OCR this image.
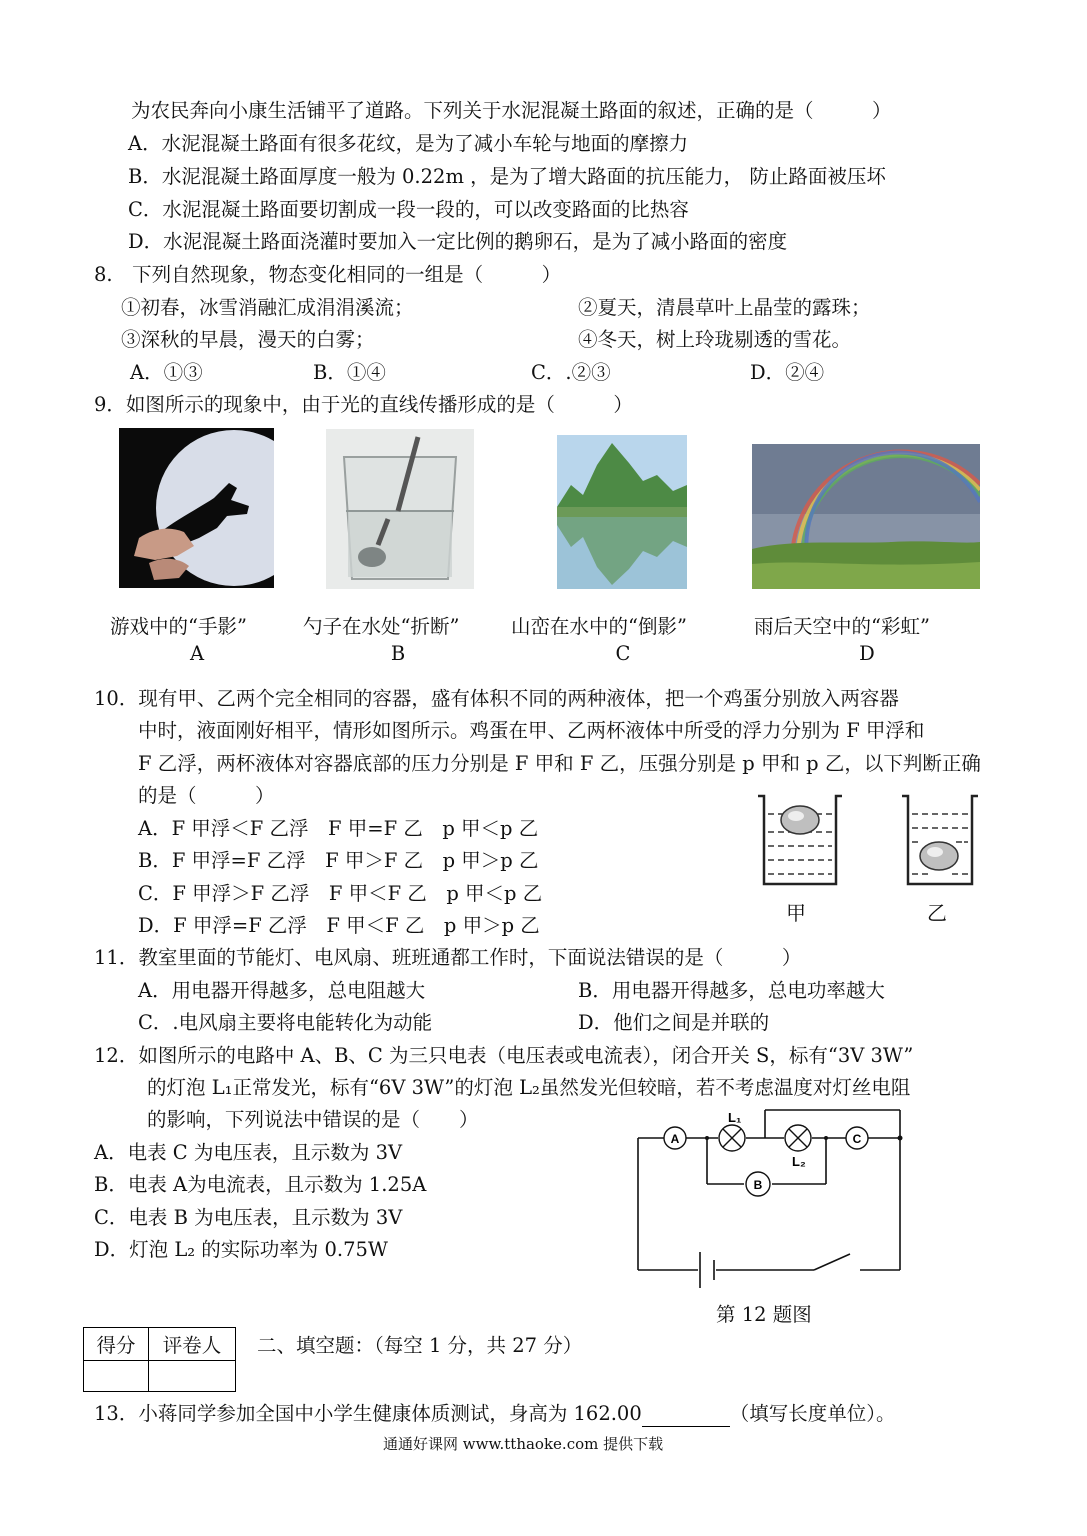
为农民奔向小康生活铺平了道路。下列关于水泥混凝土路面的叙述，正确的是（　　　）
A．水泥混凝土路面有很多花纹，是为了减小车轮与地面的摩擦力
B．水泥混凝土路面厚度一般为 0.22m ，是为了增大路面的抗压能力， 防止路面被压坏
C．水泥混凝土路面要切割成一段一段的，可以改变路面的比热容
D．水泥混凝土路面浇灌时要加入一定比例的鹅卵石，是为了减小路面的密度
8.　下列自然现象，物态变化相同的一组是（　　　）
①初春，冰雪消融汇成涓涓溪流；	②夏天，清晨草叶上晶莹的露珠；
③深秋的早晨，漫天的白雾；	④冬天，树上玲珑剔透的雪花。
A．①③	B．①④	C．.②③	D．②④
9．如图所示的现象中，由于光的直线传播形成的是（　　　）
游戏中的“手影”	勺子在水处“折断”	山峦在水中的“倒影”	雨后天空中的“彩虹”
A	B	C	D
10．现有甲、乙两个完全相同的容器，盛有体积不同的两种液体，把一个鸡蛋分别放入两容器
中时，液面刚好相平，情形如图所示。鸡蛋在甲、乙两杯液体中所受的浮力分别为 F 甲浮和
F 乙浮，两杯液体对容器底部的压力分别是 F 甲和 F 乙，压强分别是 p 甲和 p 乙，以下判断正确
的是（　　　）
A．F 甲浮＜F 乙浮　F 甲=F 乙　p 甲＜p 乙
B．F 甲浮=F 乙浮　F 甲＞F 乙　p 甲＞p 乙
C．F 甲浮＞F 乙浮　F 甲＜F 乙　p 甲＜p 乙
D．F 甲浮=F 乙浮　F 甲＜F 乙　p 甲＞p 乙
甲	乙
11．教室里面的节能灯、电风扇、班班通都工作时，下面说法错误的是（　　　）
A．用电器开得越多，总电阻越大	B．用电器开得越多，总电功率越大
C．.电风扇主要将电能转化为动能	D．他们之间是并联的
12．如图所示的电路中 A、B、C 为三只电表（电压表或电流表），闭合开关 S，标有“3V 3W”
的灯泡 L₁正常发光，标有“6V 3W”的灯泡 L₂虽然发光但较暗，若不考虑温度对灯丝电阻
的影响，下列说法中错误的是（　　）
A．电表 C 为电压表，且示数为 3V
B．电表 A为电流表，且示数为 1.25A
C．电表 B 为电压表，且示数为 3V
D．灯泡 L₂ 的实际功率为 0.75W
A
B
C
L₁
L₂
第 12 题图
得分	评卷人
	二、填空题：（每空 1 分，共 27 分）
13．小蒋同学参加全国中小学生健康体质测试，身高为 162.00	（填写长度单位）。
通通好课网 www.tthaoke.com 提供下载
